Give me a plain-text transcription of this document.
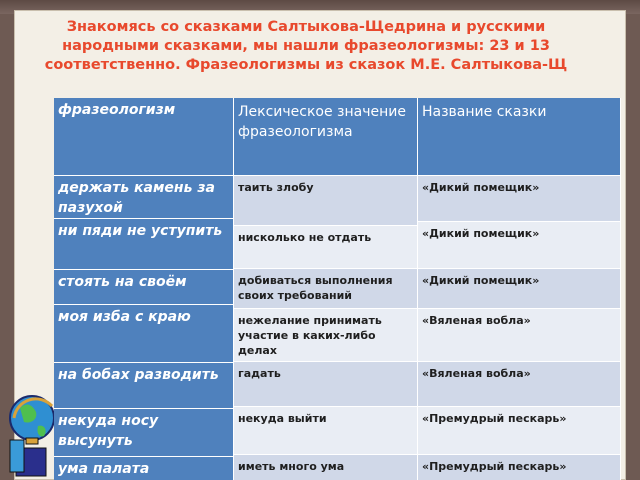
Знакомясь со сказками Салтыкова-Щедрина и русскими народными сказками, мы нашли фразеологизмы: 23 и 13 соответственно. Фразеологизмы из сказок М.Е. Салтыкова-Щ
фразеологизм	Лексическое значение фразеологизма
Название сказки
держать камень за пазухой
ни пяди не уступить
стоять на своём
моя изба с краю
на бобах разводить
некуда носу высунуть
ума палата
таить злобу
нисколько не отдать
добиваться выполнения своих требований
нежелание принимать участие в каких-либо делах
гадать
некуда выйти
иметь много ума
«Дикий помещик»
«Дикий помещик»
«Дикий помещик»
«Вяленая вобла»
«Вяленая вобла»
«Премудрый пескарь»
«Премудрый пескарь»
